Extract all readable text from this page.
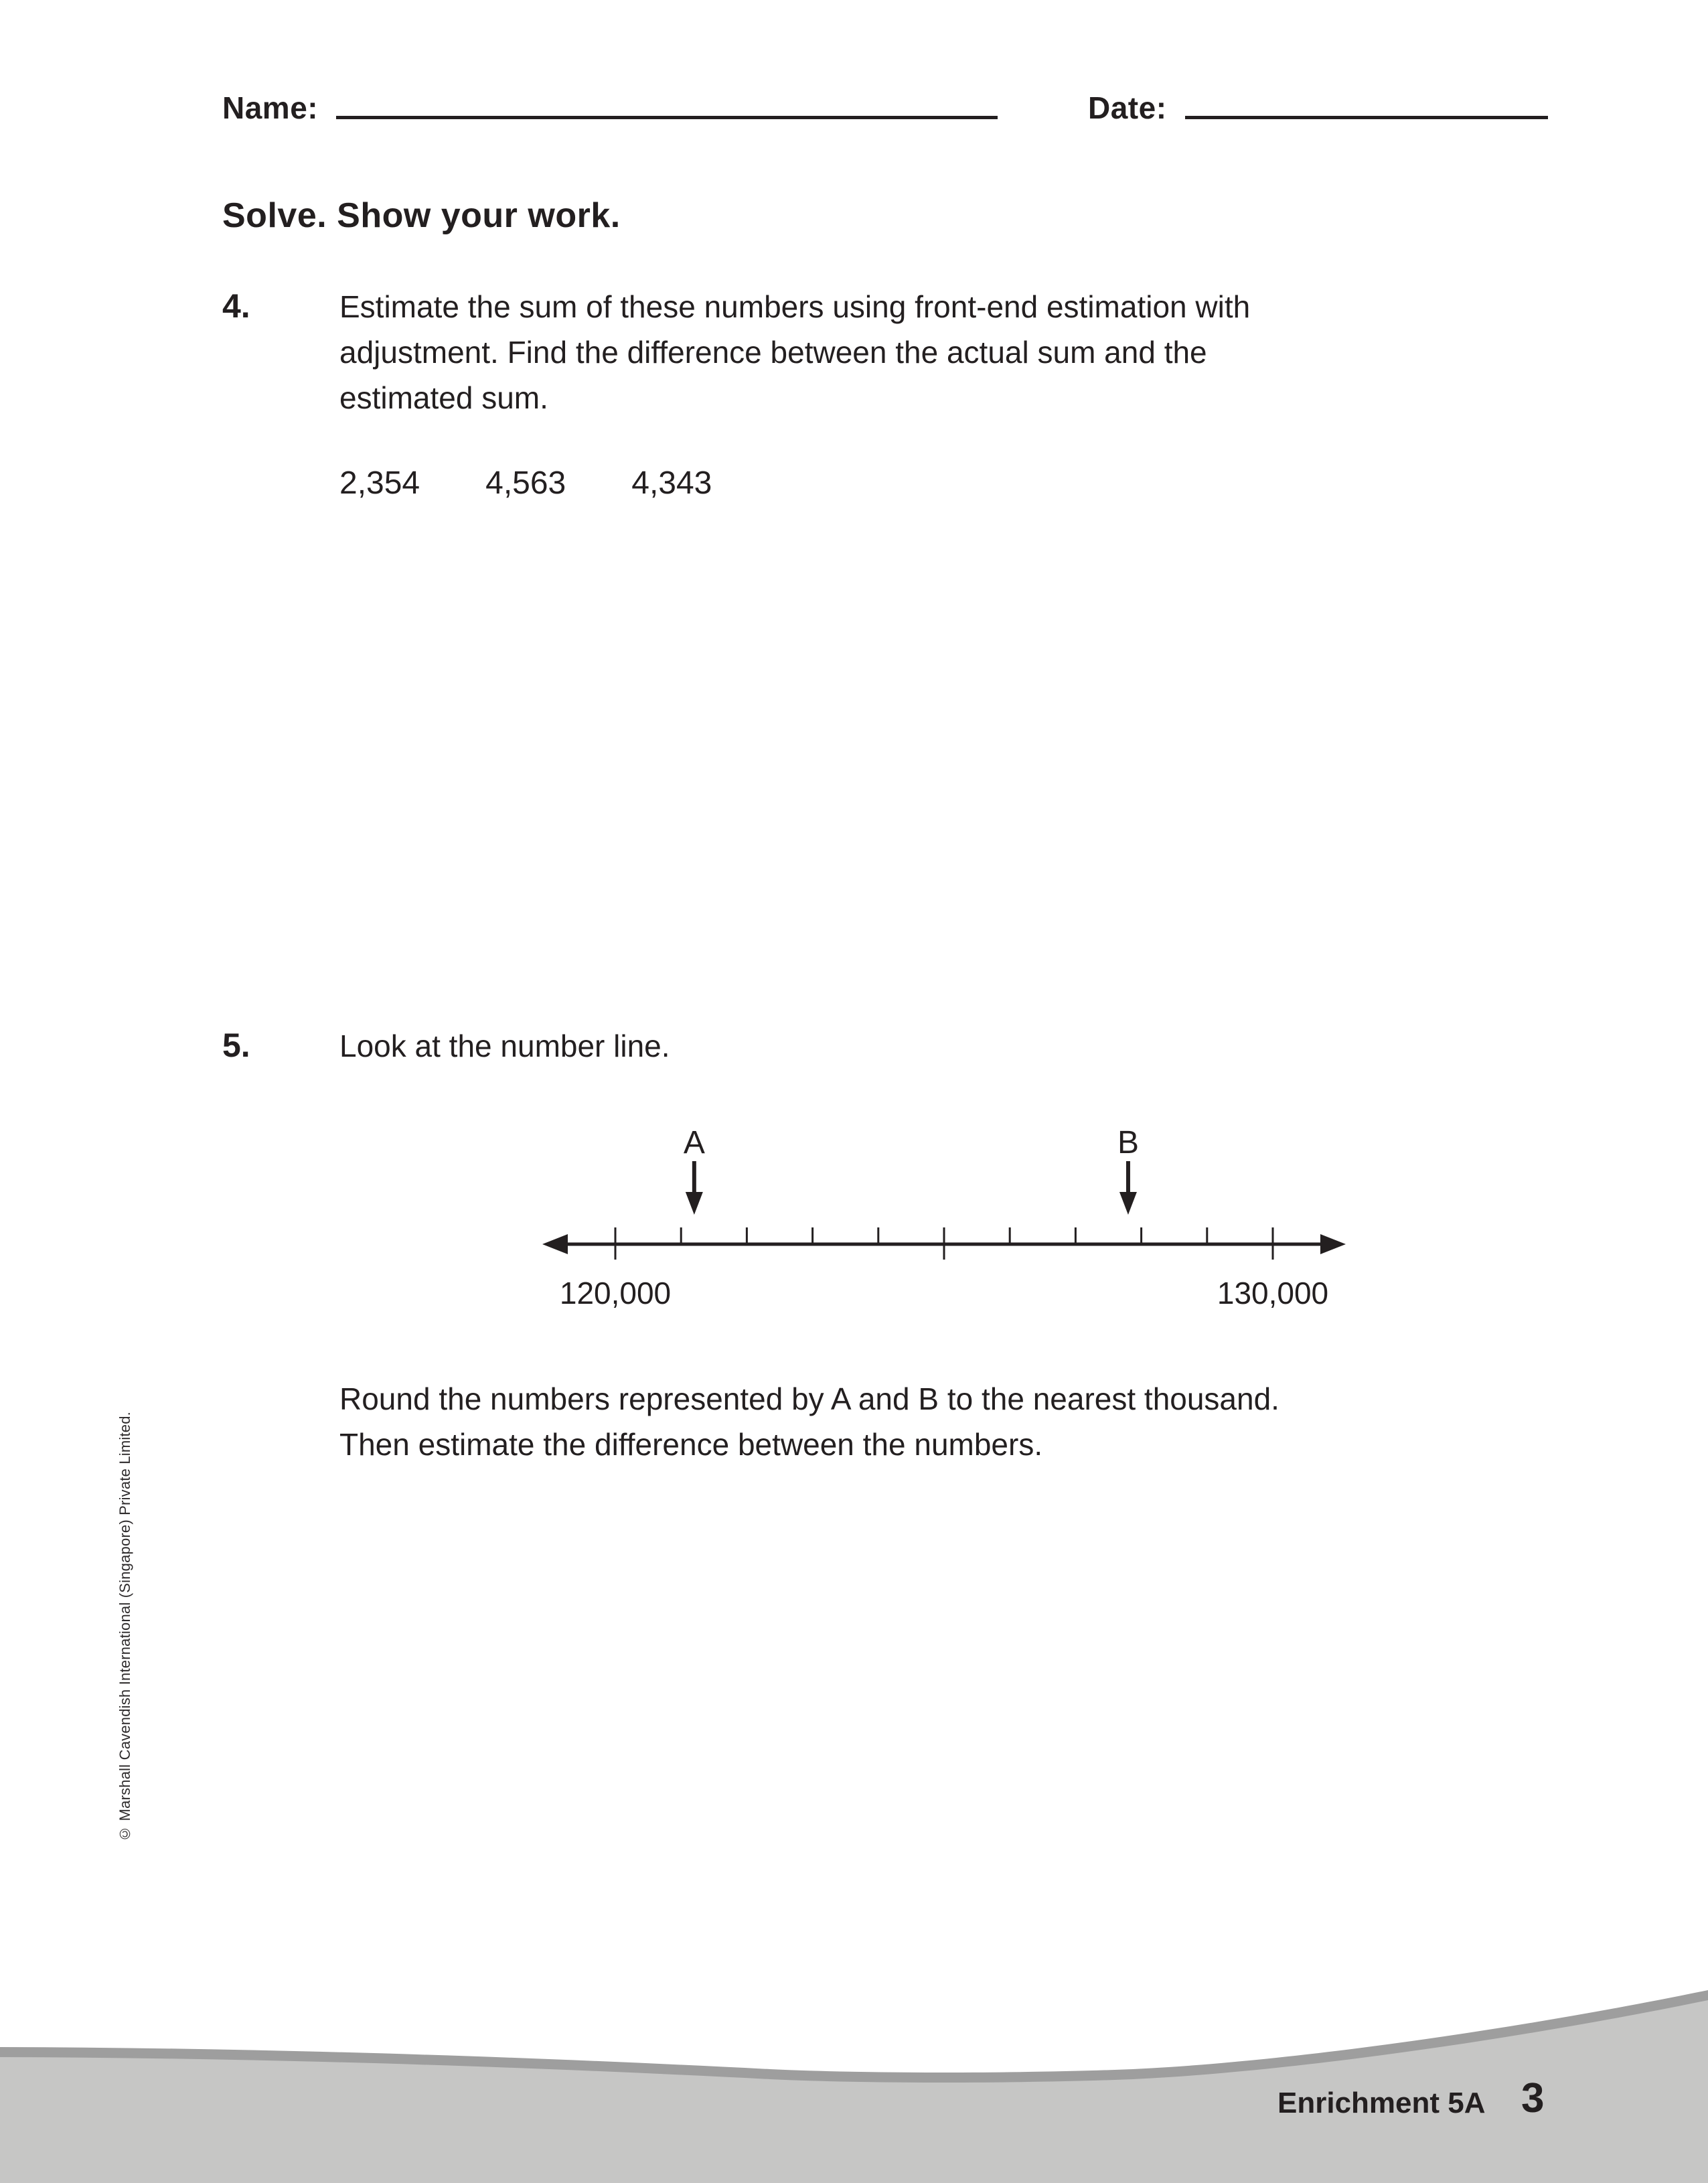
Name:	Date:
Solve. Show your work.
4.	Estimate the sum of these numbers using front-end estimation with
adjustment. Find the difference between the actual sum and the
estimated sum.
2,354 4,563 4,343
5.	Look at the number line.
120,000	130,000
A	B
Round the numbers represented by A and B to the nearest thousand.
Then estimate the difference between the numbers.
© Marshall Cavendish International (Singapore) Private Limited.
Enrichment 5A 3
